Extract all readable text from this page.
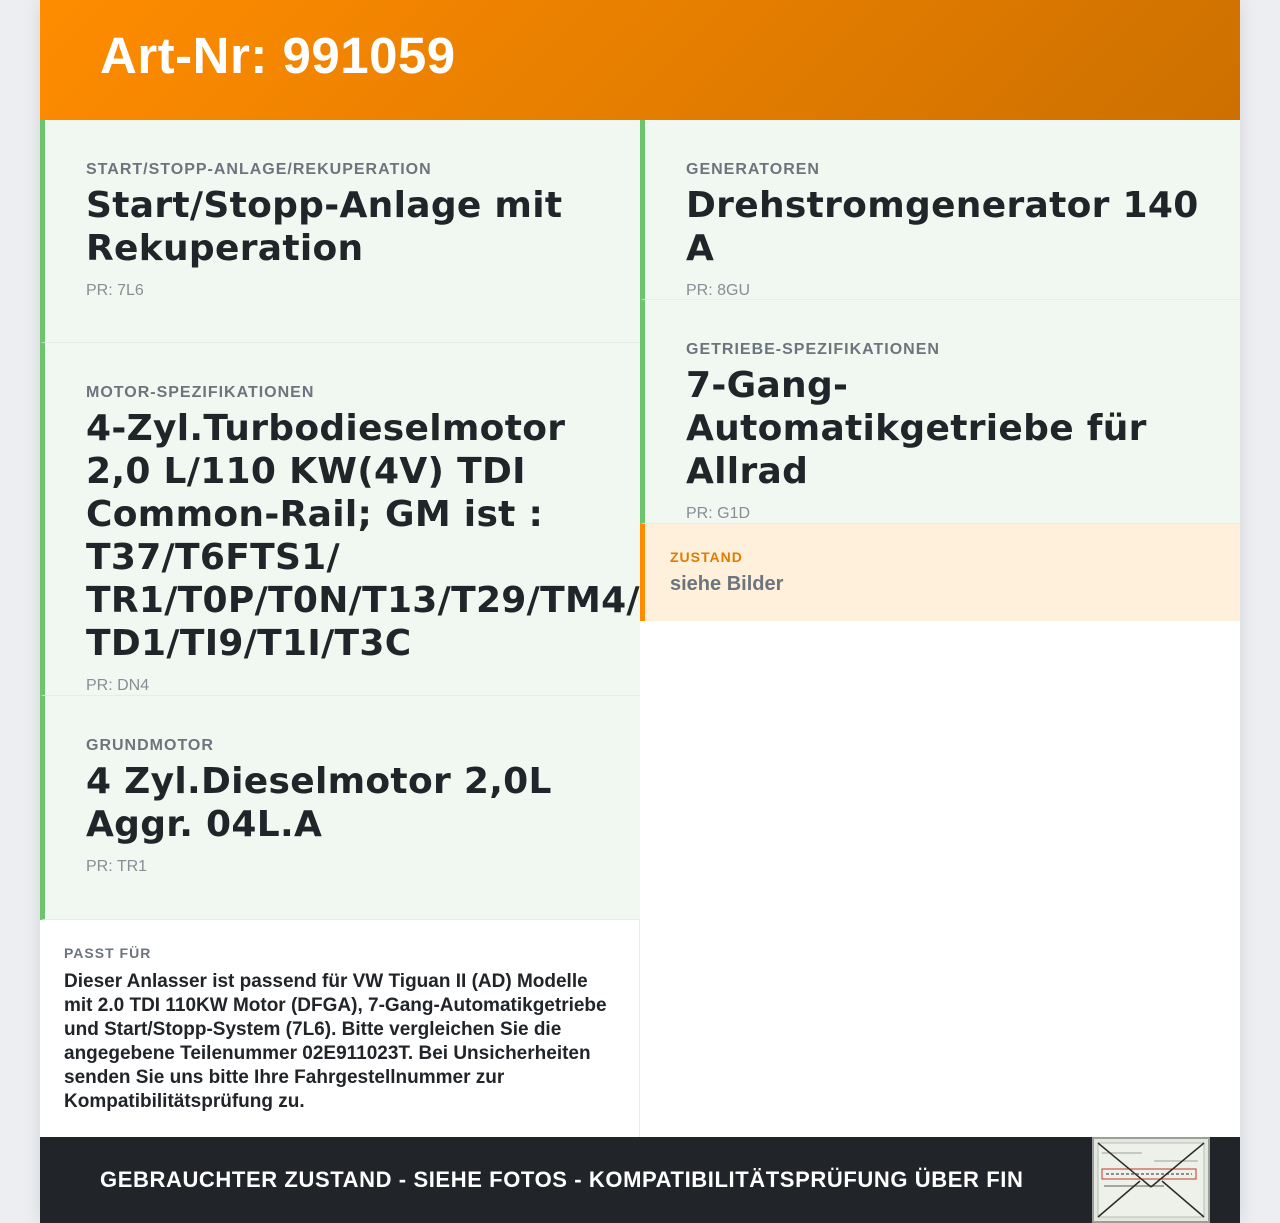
Art-Nr: 991059
START/STOPP-ANLAGE/REKUPERATION
Start/Stopp-Anlage mit Rekuperation
PR: 7L6
MOTOR-SPEZIFIKATIONEN
4-Zyl.Turbodieselmotor 2,0 L/110 KW(4V) TDI Common-Rail; GM ist : T37/T6FTS1/ TR1/T0P/T0N/T13/T29/TM4/ TD1/TI9/T1I/T3C
PR: DN4
GRUNDMOTOR
4 Zyl.Dieselmotor 2,0L Aggr. 04L.A
PR: TR1
GENERATOREN
Drehstromgenerator 140 A
PR: 8GU
GETRIEBE-SPEZIFIKATIONEN
7-Gang-Automatikgetriebe für Allrad
PR: G1D
ZUSTAND
siehe Bilder
PASST FÜR
Dieser Anlasser ist passend für VW Tiguan II (AD) Modelle mit 2.0 TDI 110KW Motor (DFGA), 7-Gang-Automatikgetriebe und Start/Stopp-System (7L6). Bitte vergleichen Sie die angegebene Teilenummer 02E911023T. Bei Unsicherheiten senden Sie uns bitte Ihre Fahrgestellnummer zur Kompatibilitätsprüfung zu.
GEBRAUCHTER ZUSTAND - SIEHE FOTOS - KOMPATIBILITÄTSPRÜFUNG ÜBER FIN
